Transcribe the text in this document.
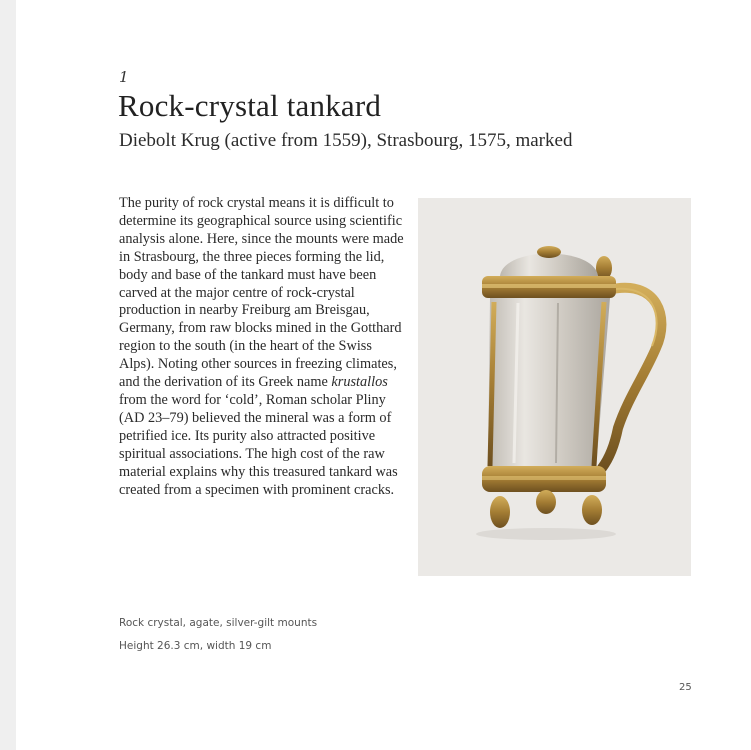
1
Rock-crystal tankard
Diebolt Krug (active from 1559), Strasbourg, 1575, marked

The purity of rock crystal means it is difficult to determine its geographical source using scientific analysis alone. Here, since the mounts were made in Strasbourg, the three pieces forming the lid, body and base of the tankard must have been carved at the major centre of rock-crystal production in nearby Freiburg am Breisgau, Germany, from raw blocks mined in the Gotthard region to the south (in the heart of the Swiss Alps). Noting other sources in freezing climates, and the derivation of its Greek name krustallos from the word for ‘cold’, Roman scholar Pliny (AD 23–79) believed the mineral was a form of petrified ice. Its purity also attracted positive spiritual associations. The high cost of the raw material explains why this treasured tankard was created from a specimen with prominent cracks.

Rock crystal, agate, silver-gilt mounts
Height 26.3 cm, width 19 cm
25
